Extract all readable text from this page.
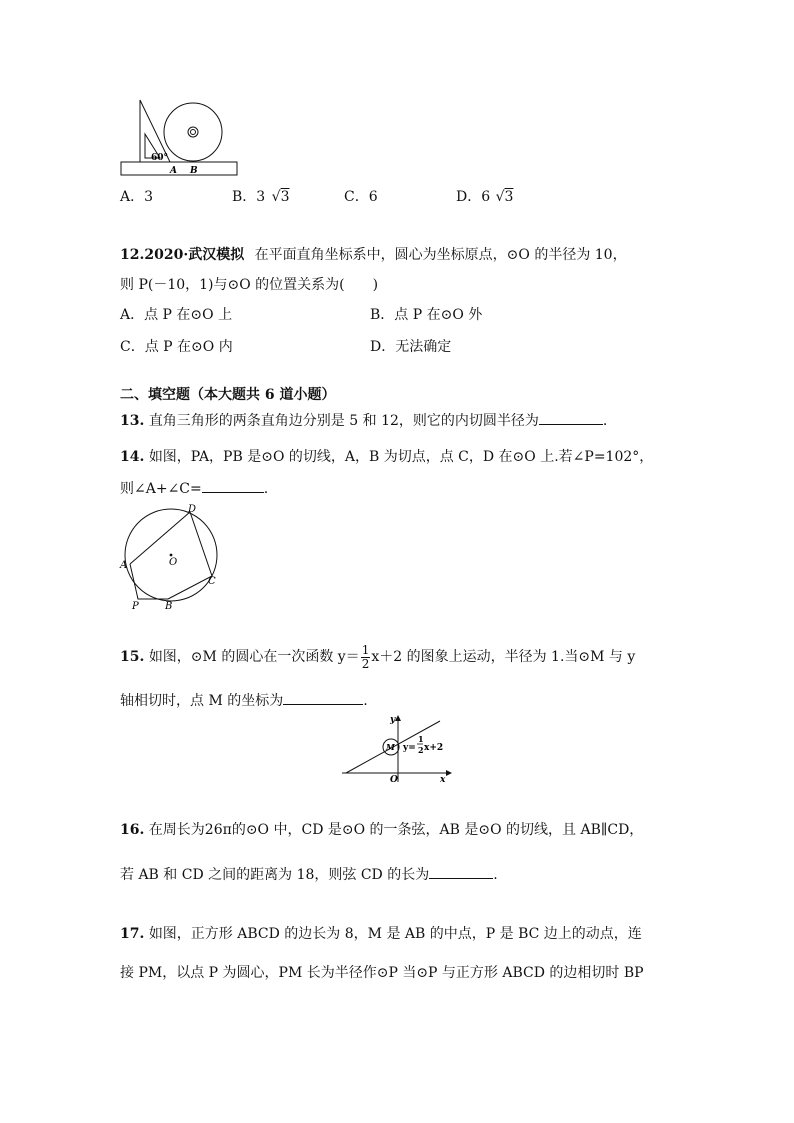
60°
A B
A．3	B．3 √3	C．6	D．6 √3
12.2020·武汉模拟 在平面直角坐标系中，圆心为坐标原点，⊙O 的半径为 10，
则 P(－10，1)与⊙O 的位置关系为(　　)
A．点 P 在⊙O 上	B．点 P 在⊙O 外
C．点 P 在⊙O 内	D．无法确定
二、填空题（本大题共 6 道小题）
13. 直角三角形的两条直角边分别是 5 和 12，则它的内切圆半径为	.
14. 如图，PA，PB 是⊙O 的切线，A，B 为切点，点 C，D 在⊙O 上.若∠P=102°，
则∠A+∠C=	.
D
O
A
C
P	B
15. 如图，⊙M 的圆心在一次函数 $y= \frac{1}{2} x+2$ 的图象上运动，半径为 1.当⊙M 与 y
轴相切时，点 M 的坐标为	.
y
M y=
1
2 x+2
O	x
16. 在周长为26π的⊙O 中，CD 是⊙O 的一条弦，AB 是⊙O 的切线，且 AB∥CD，
若 AB 和 CD 之间的距离为 18，则弦 CD 的长为	.
17. 如图，正方形 ABCD 的边长为 8，M 是 AB 的中点，P 是 BC 边上的动点，连
接 PM，以点 P 为圆心，PM 长为半径作⊙P 当⊙P 与正方形 ABCD 的边相切时 BP
